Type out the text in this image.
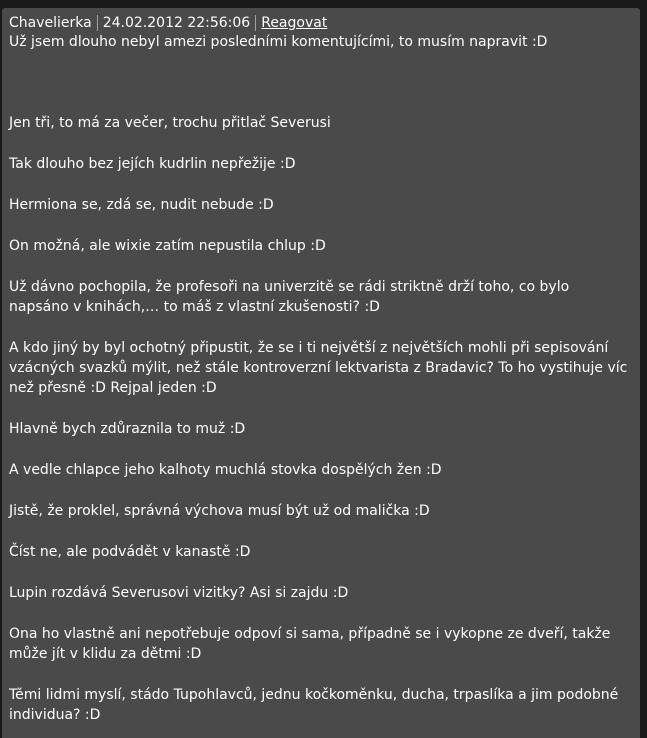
Chavelierka 24.02.2012 22:56:06 Reagovat

Už jsem dlouho nebyl amezi posledními komentujícími, to musím napravit :D

Jen tři, to má za večer, trochu přitlač Severusi

Tak dlouho bez jejích kudrlin nepřežije :D

Hermiona se, zdá se, nudit nebude :D

On možná, ale wixie zatím nepustila chlup :D

Už dávno pochopila, že profesoři na univerzitě se rádi striktně drží toho, co bylo napsáno v knihách,… to máš z vlastní zkušenosti? :D

A kdo jiný by byl ochotný připustit, že se i ti největší z největších mohli při sepisování vzácných svazků mýlit, než stále kontroverzní lektvarista z Bradavic? To ho vystihuje víc než přesně :D Rejpal jeden :D

Hlavně bych zdůraznila to muž :D

A vedle chlapce jeho kalhoty muchlá stovka dospělých žen :D

Jistě, že proklel, správná výchova musí být už od malička :D

Číst ne, ale podvádět v kanastě :D

Lupin rozdává Severusovi vizitky? Asi si zajdu :D

Ona ho vlastně ani nepotřebuje odpoví si sama, případně se i vykopne ze dveří, takže může jít v klidu za dětmi :D

Těmi lidmi myslí, stádo Tupohlavců, jednu kočkoměnku, ducha, trpaslíka a jim podobné individua? :D
